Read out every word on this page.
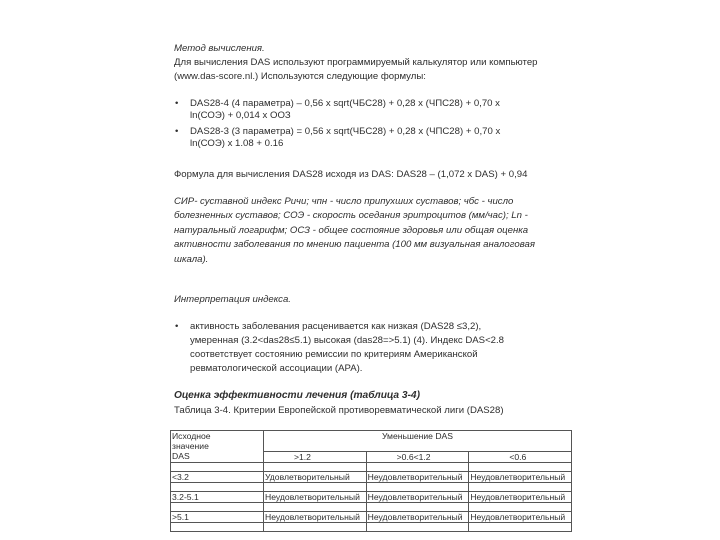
Метод вычисления.
Для вычисления DAS используют программируемый калькулятор или компьютер
(www.das-score.nl.) Используются следующие формулы:
• DAS28-4 (4 параметра) – 0,56 x sqrt(ЧБС28) + 0,28 x (ЧПС28) + 0,70 x
ln(СОЭ) + 0,014 x ООЗ
• DAS28-3 (3 параметра) = 0,56 x sqrt(ЧБС28) + 0,28 x (ЧПС28) + 0,70 x
ln(СОЭ) x 1.08 + 0.16
Формула для вычисления DAS28 исходя из DAS: DAS28 – (1,072 x DAS) + 0,94
СИР- суставной индекс Ричи; чпн - число припухших суставов; чбс - число
болезненных суставов; СОЭ - скорость оседания эритроцитов (мм/час); Ln -
натуральный логарифм; ОСЗ - общее состояние здоровья или общая оценка
активности заболевания по мнению пациента (100 мм визуальная аналоговая
шкала).
Интерпретация индекса.
• активность заболевания расценивается как низкая (DAS28 ≤3,2),
умеренная (3.2<das28≤5.1) высокая (das28=>5.1) (4). Индекс DAS<2.8
соответствует состоянию ремиссии по критериям Американской
ревматологической ассоциации (APA).
Оценка эффективности лечения (таблица 3-4)
Таблица 3-4. Критерии Европейской противоревматической лиги (DAS28)
Исходное
значение	Уменьшение DAS		
DAS	>1.2	>0.6<1.2	<0.6

<3.2	Удовлетворительный	Неудовлетворительный	Неудовлетворительный

3.2-5.1	Неудовлетворительный	Неудовлетворительный	Неудовлетворительный

>5.1	Неудовлетворительный	Неудовлетворительный	Неудовлетворительный
